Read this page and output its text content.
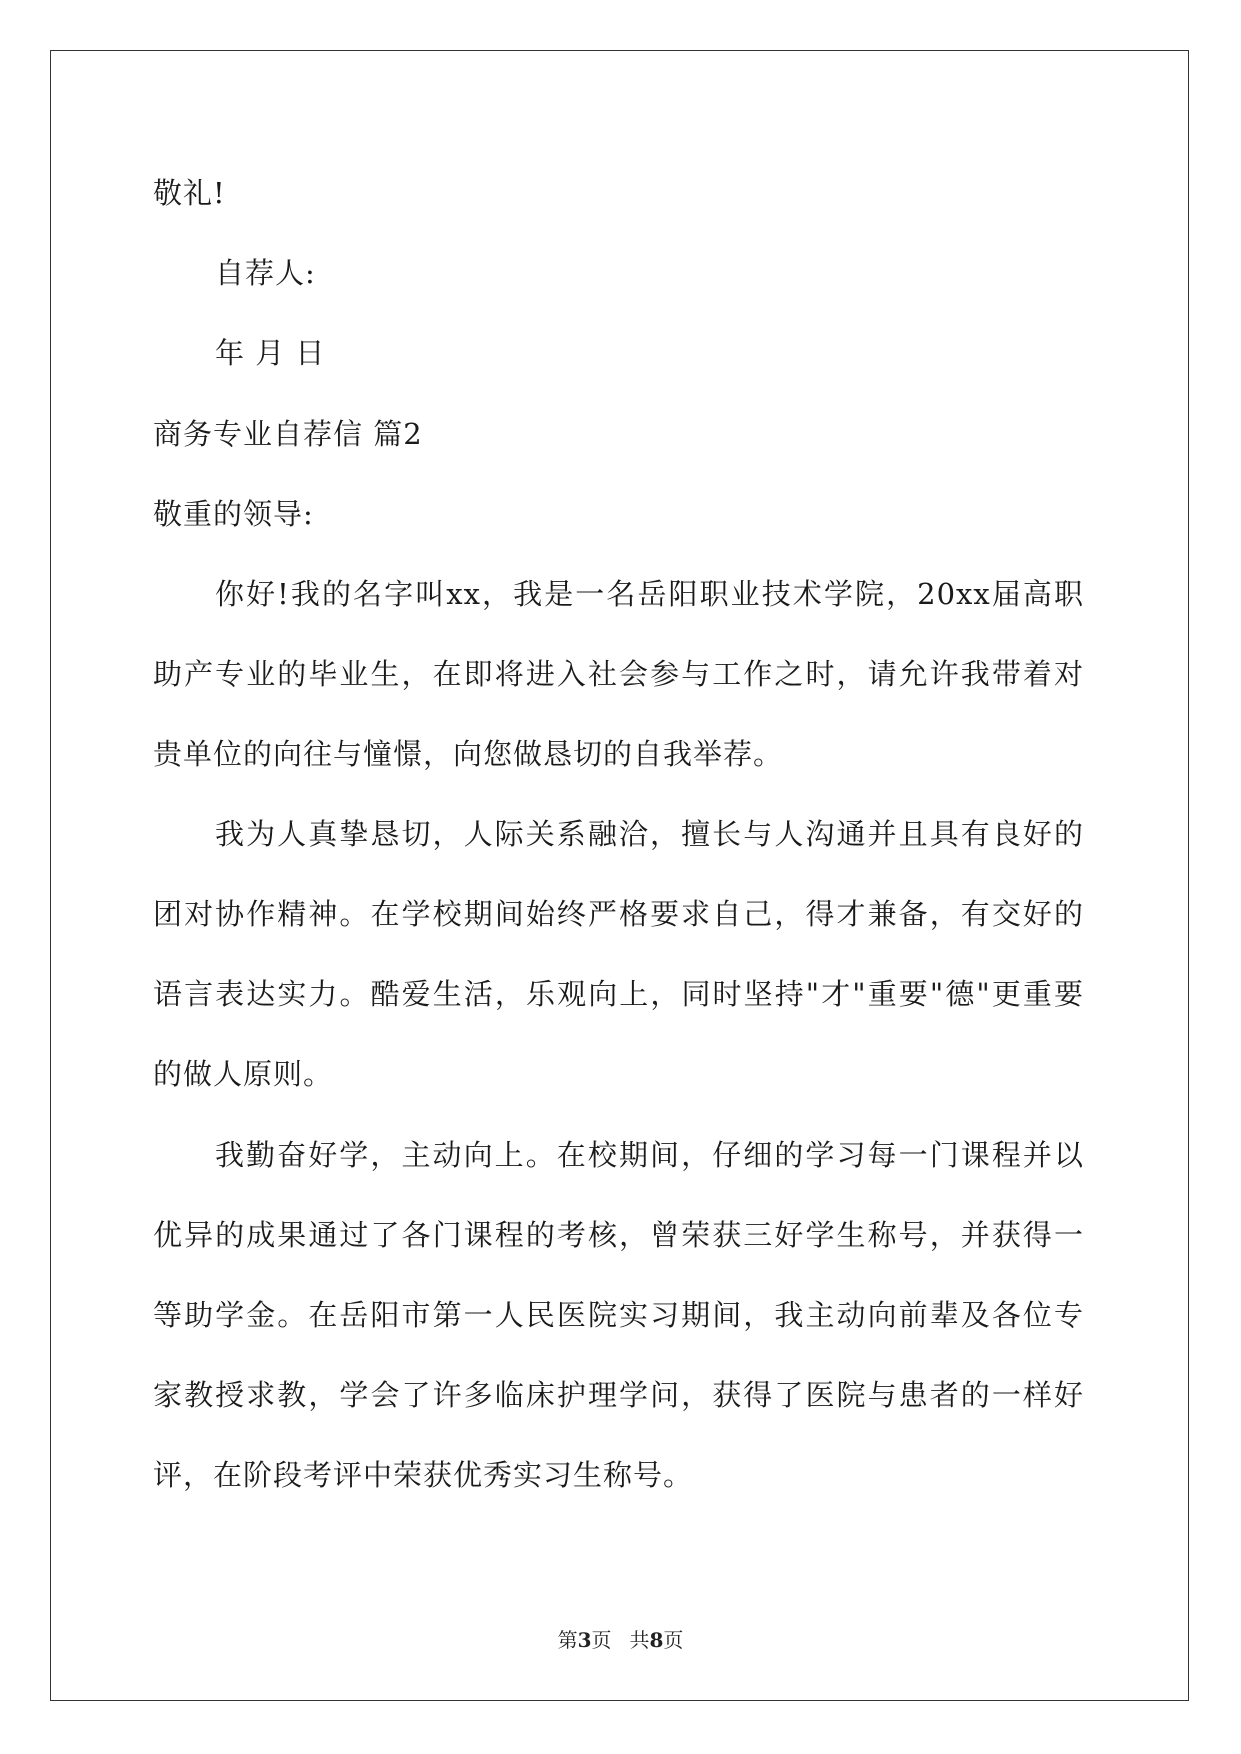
敬礼!
自荐人:
年 月 日
商务专业自荐信 篇2
敬重的领导:
你好!我的名字叫xx，我是一名岳阳职业技术学院，20xx届高职
助产专业的毕业生，在即将进入社会参与工作之时，请允许我带着对
贵单位的向往与憧憬，向您做恳切的自我举荐。
我为人真挚恳切，人际关系融洽，擅长与人沟通并且具有良好的
团对协作精神。在学校期间始终严格要求自己，得才兼备，有交好的
语言表达实力。酷爱生活，乐观向上，同时坚持"才"重要"德"更重要
的做人原则。
我勤奋好学，主动向上。在校期间，仔细的学习每一门课程并以
优异的成果通过了各门课程的考核，曾荣获三好学生称号，并获得一
等助学金。在岳阳市第一人民医院实习期间，我主动向前辈及各位专
家教授求教，学会了许多临床护理学问，获得了医院与患者的一样好
评，在阶段考评中荣获优秀实习生称号。
第3页 共8页
